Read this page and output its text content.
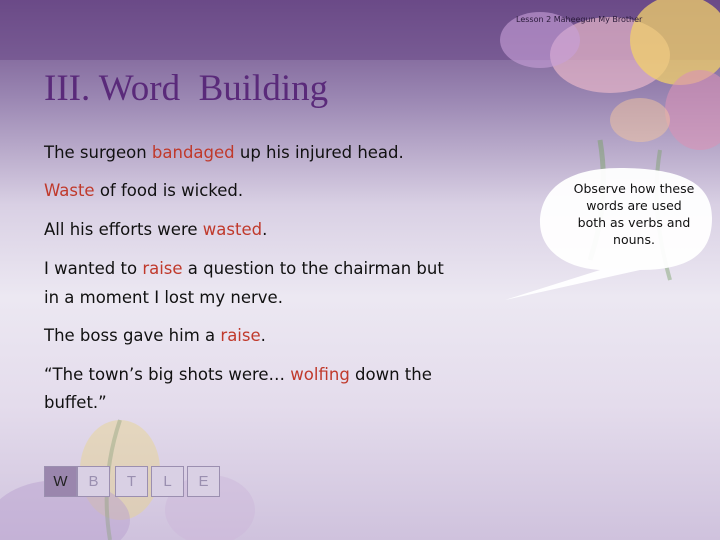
Lesson 2 Maheegun My Brother
III. Word  Building
The surgeon bandaged up his injured head.
Waste of food is wicked.
All his efforts were wasted.
I wanted to raise a question to the chairman but
in a moment I lost my nerve.
The boss gave him a raise.
“The town’s big shots were… wolfing down the
buffet.”
Observe how these words are used both as verbs and nouns.
W	B	T	L	E
